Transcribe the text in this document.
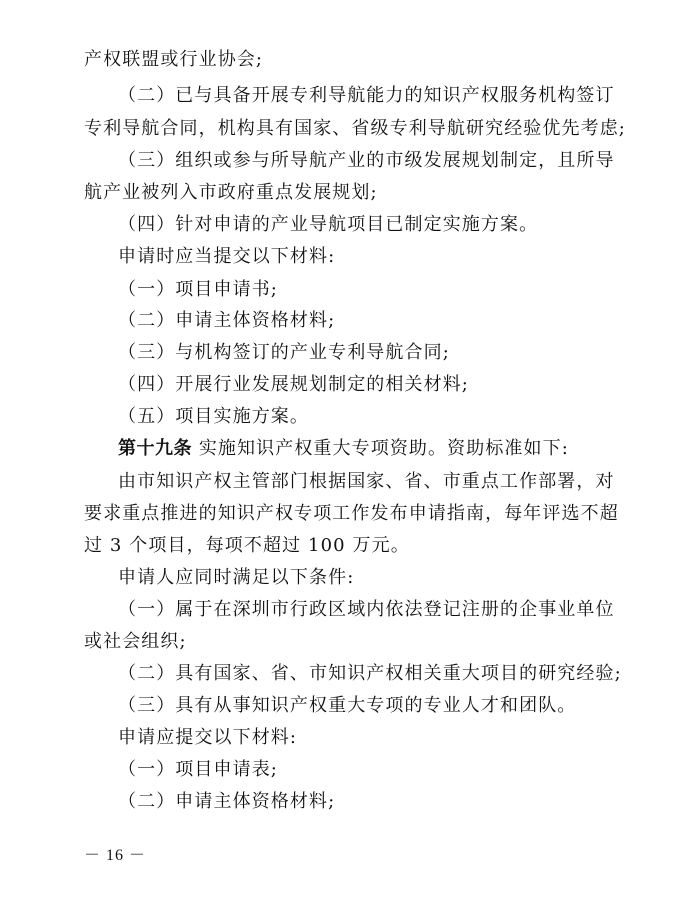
产权联盟或行业协会;
（二）已与具备开展专利导航能力的知识产权服务机构签订
专利导航合同，机构具有国家、省级专利导航研究经验优先考虑;
（三）组织或参与所导航产业的市级发展规划制定，且所导
航产业被列入市政府重点发展规划;
（四）针对申请的产业导航项目已制定实施方案。
申请时应当提交以下材料:
（一）项目申请书;
（二）申请主体资格材料;
（三）与机构签订的产业专利导航合同;
（四）开展行业发展规划制定的相关材料;
（五）项目实施方案。
第十九条 实施知识产权重大专项资助。资助标准如下:
由市知识产权主管部门根据国家、省、市重点工作部署，对
要求重点推进的知识产权专项工作发布申请指南，每年评选不超
过 3 个项目，每项不超过 100 万元。
申请人应同时满足以下条件:
（一）属于在深圳市行政区域内依法登记注册的企事业单位
或社会组织;
（二）具有国家、省、市知识产权相关重大项目的研究经验;
（三）具有从事知识产权重大专项的专业人才和团队。
申请应提交以下材料:
（一）项目申请表;
（二）申请主体资格材料;
－ 16 －
